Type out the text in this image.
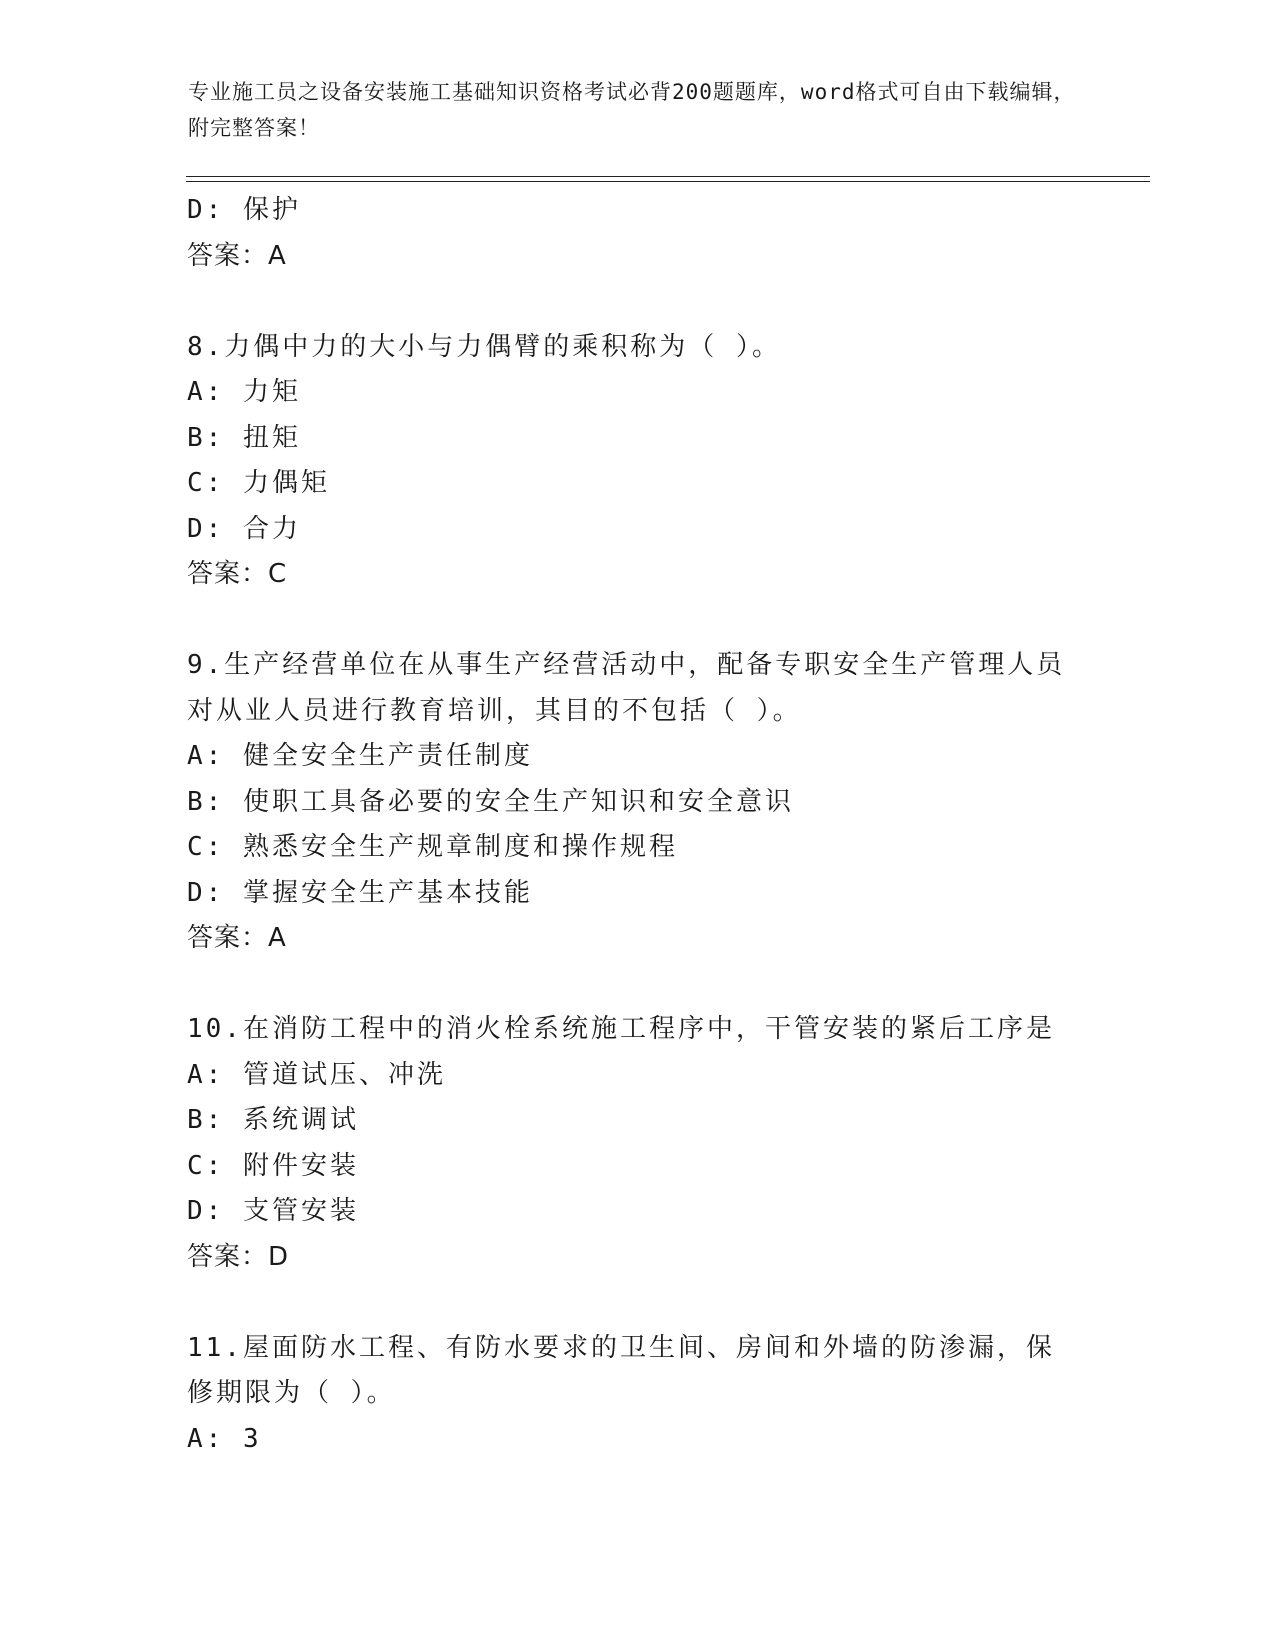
专业施工员之设备安装施工基础知识资格考试必背200题题库，word格式可自由下载编辑，附完整答案！
D: 保护
答案：A
8.力偶中力的大小与力偶臂的乘积称为（ ）。
A: 力矩
B: 扭矩
C: 力偶矩
D: 合力
答案：C
9.生产经营单位在从事生产经营活动中，配备专职安全生产管理人员对从业人员进行教育培训，其目的不包括（ ）。
A: 健全安全生产责任制度
B: 使职工具备必要的安全生产知识和安全意识
C: 熟悉安全生产规章制度和操作规程
D: 掌握安全生产基本技能
答案：A
10.在消防工程中的消火栓系统施工程序中，干管安装的紧后工序是
A: 管道试压、冲洗
B: 系统调试
C: 附件安装
D: 支管安装
答案：D
11.屋面防水工程、有防水要求的卫生间、房间和外墙的防渗漏，保修期限为（ ）。
A: 3
